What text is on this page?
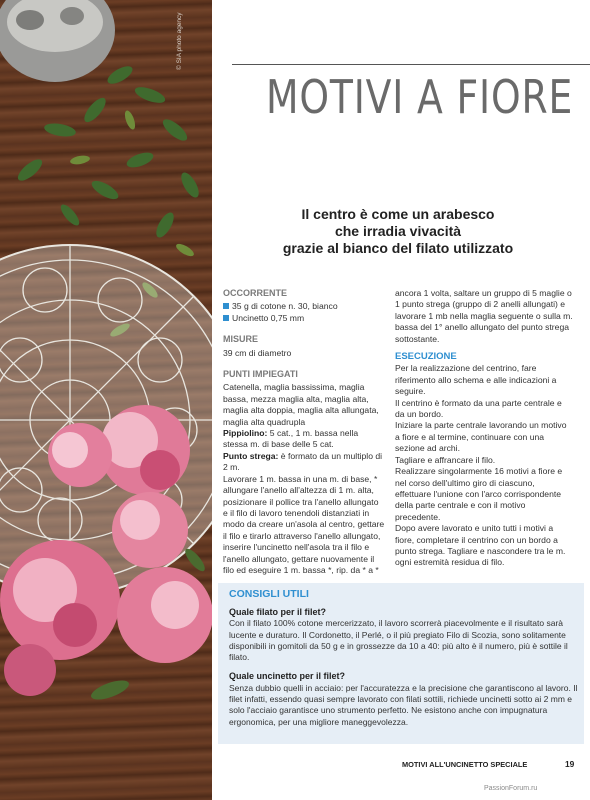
© SIA photo agency
MOTIVI A FIORE
Il centro è come un arabesco
che irradia vivacità
grazie al bianco del filato utilizzato
OCCORRENTE
35 g di cotone n. 30, bianco
Uncinetto 0,75 mm
MISURE
39 cm di diametro
PUNTI IMPIEGATI
Catenella, maglia bassissima, maglia bassa, mezza maglia alta, maglia alta, maglia alta doppia, maglia alta allungata, maglia alta quadrupla
Pippiolino: 5 cat., 1 m. bassa nella stessa m. di base delle 5 cat.
Punto strega: è formato da un multiplo di 2 m.
Lavorare 1 m. bassa in una m. di base, * allungare l'anello all'altezza di 1 m. alta, posizionare il pollice tra l'anello allungato e il filo di lavoro tenendoli distanziati in modo da creare un'asola al centro, gettare il filo e tirarlo attraverso l'anello allungato, inserire l'uncinetto nell'asola tra il filo e l'anello allungato, gettare nuovamente il filo ed eseguire 1 m. bassa *, rip. da * a *
ancora 1 volta, saltare un gruppo di 5 maglie o 1 punto strega (gruppo di 2 anelli allungati) e lavorare 1 mb nella maglia seguente o sulla m. bassa del 1° anello allungato del punto strega sottostante.
ESECUZIONE
Per la realizzazione del centrino, fare riferimento allo schema e alle indicazioni a seguire.
Il centrino è formato da una parte centrale e da un bordo.
Iniziare la parte centrale lavorando un motivo a fiore e al termine, continuare con una sezione ad archi.
Tagliare e affrancare il filo.
Realizzare singolarmente 16 motivi a fiore e nel corso dell'ultimo giro di ciascuno, effettuare l'unione con l'arco corrispondente della parte centrale e con il motivo precedente.
Dopo avere lavorato e unito tutti i motivi a fiore, completare il centrino con un bordo a punto strega. Tagliare e nascondere tra le m. ogni estremità residua di filo.
CONSIGLI UTILI
Quale filato per il filet?
Con il filato 100% cotone mercerizzato, il lavoro scorrerà piacevolmente e il risultato sarà lucente e duraturo. Il Cordonetto, il Perlé, o il più pregiato Filo di Scozia, sono solitamente disponibili in gomitoli da 50 g e in grossezze da 10 a 40: più alto è il numero, più è sottile il filato.
Quale uncinetto per il filet?
Senza dubbio quelli in acciaio: per l'accuratezza e la precisione che garantiscono al lavoro. Il filet infatti, essendo quasi sempre lavorato con filati sottili, richiede uncinetti sotto ai 2 mm e solo l'acciaio garantisce uno strumento perfetto. Ne esistono anche con impugnatura ergonomica, per una migliore maneggevolezza.
MOTIVI ALL'UNCINETTO SPECIALE	19
PassionForum.ru
